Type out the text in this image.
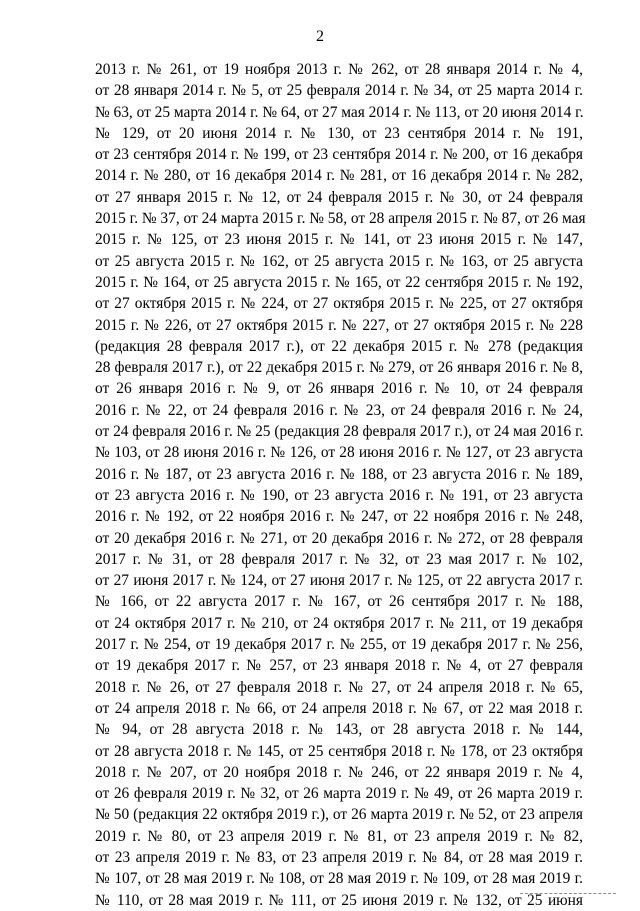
2
2013 г. № 261, от 19 ноября 2013 г. № 262, от 28 января 2014 г. № 4,
от 28 января 2014 г. № 5, от 25 февраля 2014 г. № 34, от 25 марта 2014 г.
№ 63, от 25 марта 2014 г. № 64, от 27 мая 2014 г. № 113, от 20 июня 2014 г.
№ 129, от 20 июня 2014 г. № 130, от 23 сентября 2014 г. № 191,
от 23 сентября 2014 г. № 199, от 23 сентября 2014 г. № 200, от 16 декабря
2014 г. № 280, от 16 декабря 2014 г. № 281, от 16 декабря 2014 г. № 282,
от 27 января 2015 г. № 12, от 24 февраля 2015 г. № 30, от 24 февраля
2015 г. № 37, от 24 марта 2015 г. № 58, от 28 апреля 2015 г. № 87, от 26 мая
2015 г. № 125, от 23 июня 2015 г. № 141, от 23 июня 2015 г. № 147,
от 25 августа 2015 г. № 162, от 25 августа 2015 г. № 163, от 25 августа
2015 г. № 164, от 25 августа 2015 г. № 165, от 22 сентября 2015 г. № 192,
от 27 октября 2015 г. № 224, от 27 октября 2015 г. № 225, от 27 октября
2015 г. № 226, от 27 октября 2015 г. № 227, от 27 октября 2015 г. № 228
(редакция 28 февраля 2017 г.), от 22 декабря 2015 г. № 278 (редакция
28 февраля 2017 г.), от 22 декабря 2015 г. № 279, от 26 января 2016 г. № 8,
от 26 января 2016 г. № 9, от 26 января 2016 г. № 10, от 24 февраля
2016 г. № 22, от 24 февраля 2016 г. № 23, от 24 февраля 2016 г. № 24,
от 24 февраля 2016 г. № 25 (редакция 28 февраля 2017 г.), от 24 мая 2016 г.
№ 103, от 28 июня 2016 г. № 126, от 28 июня 2016 г. № 127, от 23 августа
2016 г. № 187, от 23 августа 2016 г. № 188, от 23 августа 2016 г. № 189,
от 23 августа 2016 г. № 190, от 23 августа 2016 г. № 191, от 23 августа
2016 г. № 192, от 22 ноября 2016 г. № 247, от 22 ноября 2016 г. № 248,
от 20 декабря 2016 г. № 271, от 20 декабря 2016 г. № 272, от 28 февраля
2017 г. № 31, от 28 февраля 2017 г. № 32, от 23 мая 2017 г. № 102,
от 27 июня 2017 г. № 124, от 27 июня 2017 г. № 125, от 22 августа 2017 г.
№ 166, от 22 августа 2017 г. № 167, от 26 сентября 2017 г. № 188,
от 24 октября 2017 г. № 210, от 24 октября 2017 г. № 211, от 19 декабря
2017 г. № 254, от 19 декабря 2017 г. № 255, от 19 декабря 2017 г. № 256,
от 19 декабря 2017 г. № 257, от 23 января 2018 г. № 4, от 27 февраля
2018 г. № 26, от 27 февраля 2018 г. № 27, от 24 апреля 2018 г. № 65,
от 24 апреля 2018 г. № 66, от 24 апреля 2018 г. № 67, от 22 мая 2018 г.
№ 94, от 28 августа 2018 г. № 143, от 28 августа 2018 г. № 144,
от 28 августа 2018 г. № 145, от 25 сентября 2018 г. № 178, от 23 октября
2018 г. № 207, от 20 ноября 2018 г. № 246, от 22 января 2019 г. № 4,
от 26 февраля 2019 г. № 32, от 26 марта 2019 г. № 49, от 26 марта 2019 г.
№ 50 (редакция 22 октября 2019 г.), от 26 марта 2019 г. № 52, от 23 апреля
2019 г. № 80, от 23 апреля 2019 г. № 81, от 23 апреля 2019 г. № 82,
от 23 апреля 2019 г. № 83, от 23 апреля 2019 г. № 84, от 28 мая 2019 г.
№ 107, от 28 мая 2019 г. № 108, от 28 мая 2019 г. № 109, от 28 мая 2019 г.
№ 110, от 28 мая 2019 г. № 111, от 25 июня 2019 г. № 132, от 25 июня
